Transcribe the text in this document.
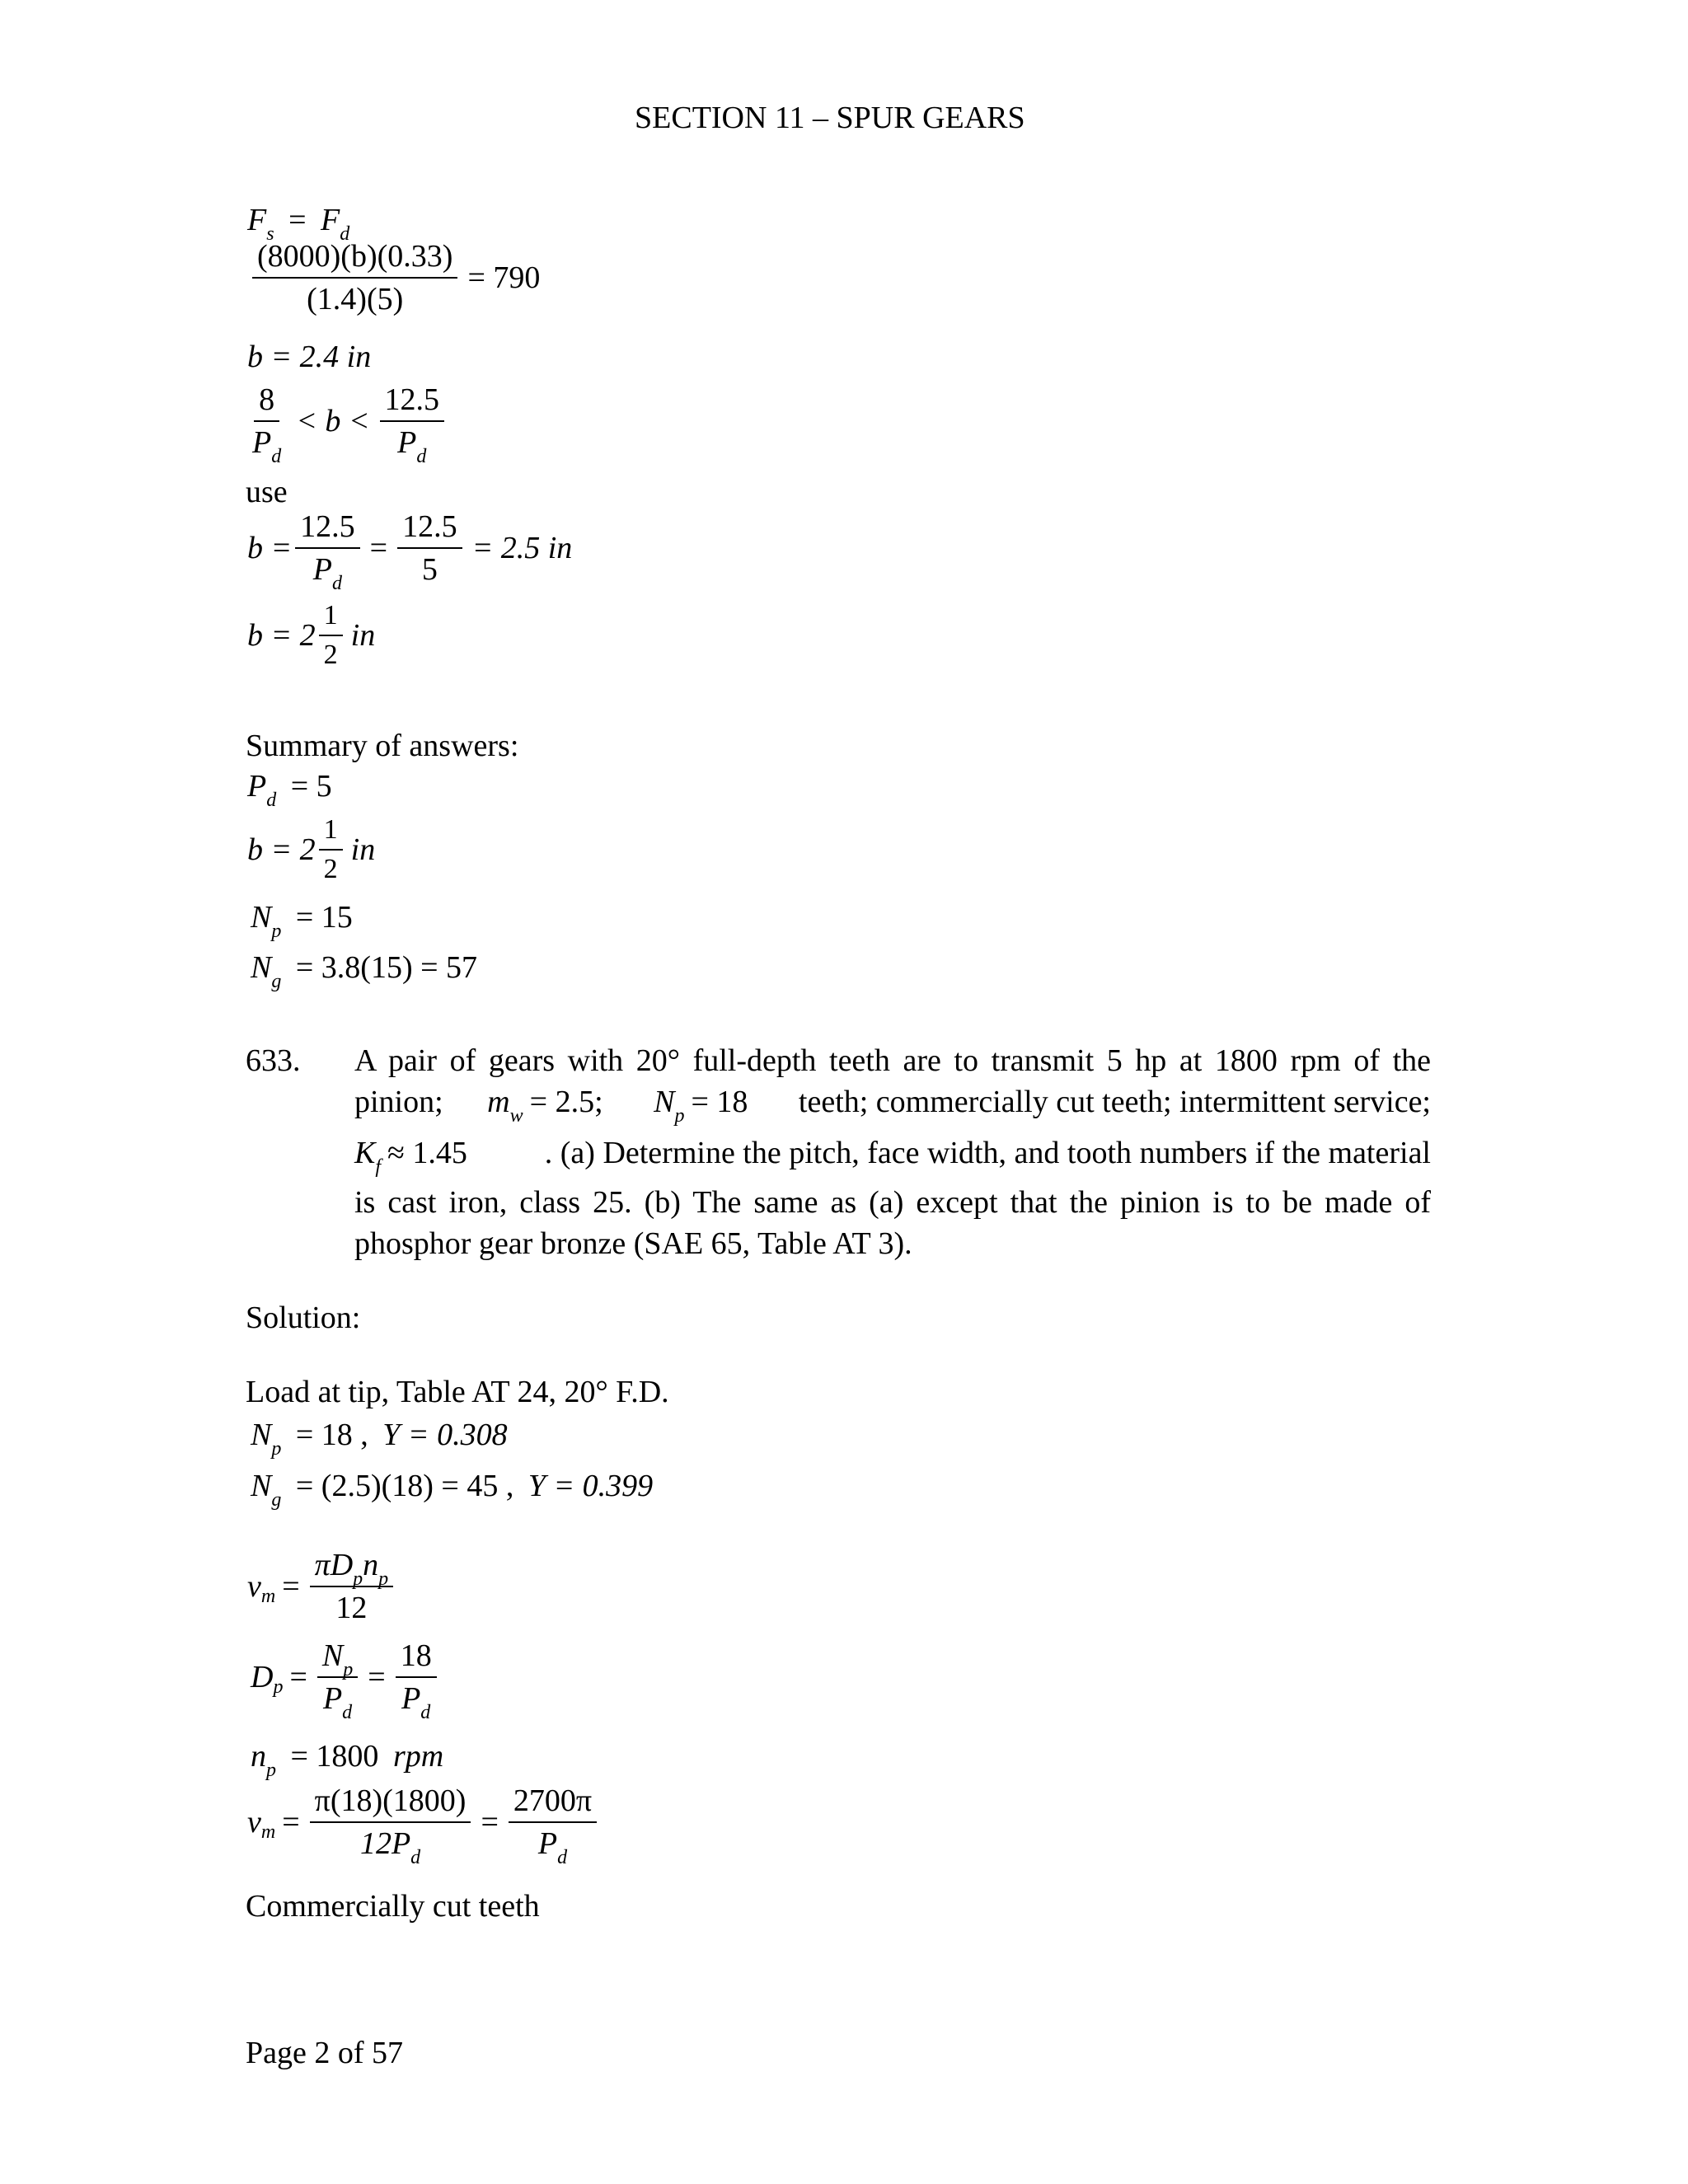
SECTION 11 – SPUR GEARS
$F_s = F_d$
$\frac{(8000)(b)(0.33)}{(1.4)(5)} = 790$
b = 2.4 in
$\frac{8}{P_d} < b < \frac{12.5}{P_d}$
use
$b = \frac{12.5}{P_d} = \frac{12.5}{5} = 2.5$ in
$b = 2 \frac{1}{2}$ in
Summary of answers:
$P_d = 5$
$b = 2 \frac{1}{2}$ in
$N_p = 15$
$N_g = 3.8(15) = 57$
633. A pair of gears with 20° full-depth teeth are to transmit 5 hp at 1800 rpm of the
pinion; $m_w = 2.5$; $N_p = 18$ teeth; commercially cut teeth; intermittent service;
$K_f \approx 1.45$ . (a) Determine the pitch, face width, and tooth numbers if the material
is cast iron, class 25. (b) The same as (a) except that the pinion is to be made of
phosphor gear bronze (SAE 65, Table AT 3).
Solution:
Load at tip, Table AT 24, 20° F.D.
$N_p = 18$ , Y = 0.308
$N_g = (2.5)(18) = 45$ , Y = 0.399
v $m = \frac{\pi D_pn_p}{12}$
D $p = \frac{N_p}{P_d} = \frac{18}{P_d}$
$n_p = 1800$ rpm
v $m = \frac{\pi(18)(1800)}{12P_d} = \frac{2700\pi}{P_d}$
Commercially cut teeth
Page 2 of 57
